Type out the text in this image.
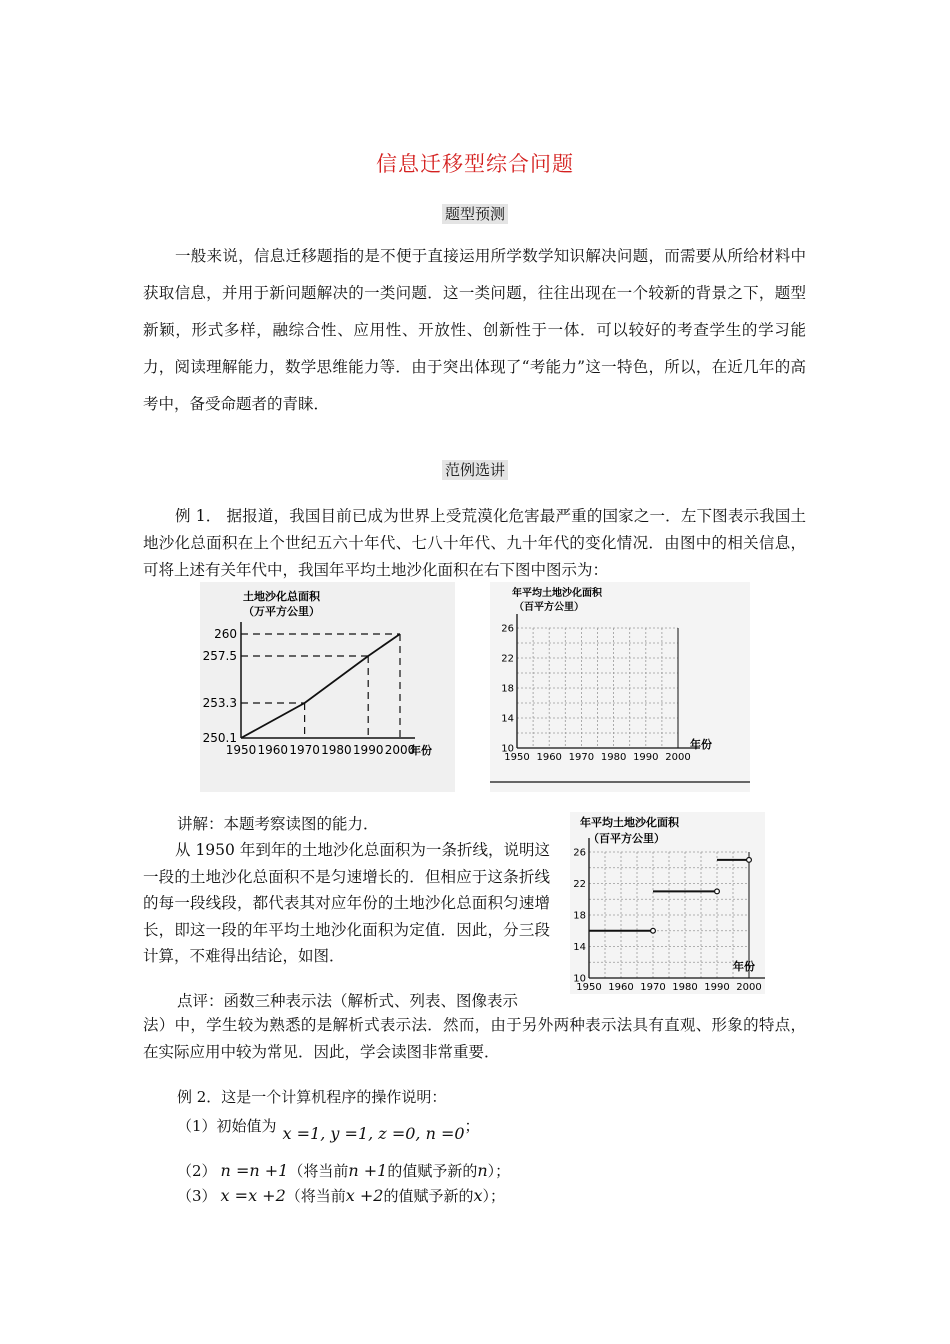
信息迁移型综合问题
题型预测
一般来说，信息迁移题指的是不便于直接运用所学数学知识解决问题，而需要从所给材料中获取信息，并用于新问题解决的一类问题．这一类问题，往往出现在一个较新的背景之下，题型新颖，形式多样，融综合性、应用性、开放性、创新性于一体．可以较好的考查学生的学习能力，阅读理解能力，数学思维能力等．由于突出体现了“考能力”这一特色，所以，在近几年的高考中，备受命题者的青睐．
范例选讲
例 1． 据报道，我国目前已成为世界上受荒漠化危害最严重的国家之一．左下图表示我国土地沙化总面积在上个世纪五六十年代、七八十年代、九十年代的变化情况．由图中的相关信息，可将上述有关年代中，我国年平均土地沙化面积在右下图中图示为：
土地沙化总面积
（万平方公里）
1950 1960 1970 1980 1990 2000
250.1
253.3
257.5
260
年份
年平均土地沙化面积
（百平方公里）
1950 1960 1970 1980 1990 2000
10
14
18
22
26
年份
讲解：本题考察读图的能力．
从 1950 年到年的土地沙化总面积为一条折线，说明这一段的土地沙化总面积不是匀速增长的．但相应于这条折线的每一段线段，都代表其对应年份的土地沙化总面积匀速增长，即这一段的年平均土地沙化面积为定值．因此，分三段计算，不难得出结论，如图．
年平均土地沙化面积
（百平方公里）
1950 1960 1970 1980 1990 2000
10
14
18
22
26
年份
点评：函数三种表示法（解析式、列表、图像表示
法）中，学生较为熟悉的是解析式表示法．然而，由于另外两种表示法具有直观、形象的特点，在实际应用中较为常见．因此，学会读图非常重要．
例 2．这是一个计算机程序的操作说明：
（1）初始值为 x =1, y =1, z =0, n =0；
（2） n =n +1（将当前n +1的值赋予新的n）；
（3） x =x +2（将当前x +2的值赋予新的x）；
